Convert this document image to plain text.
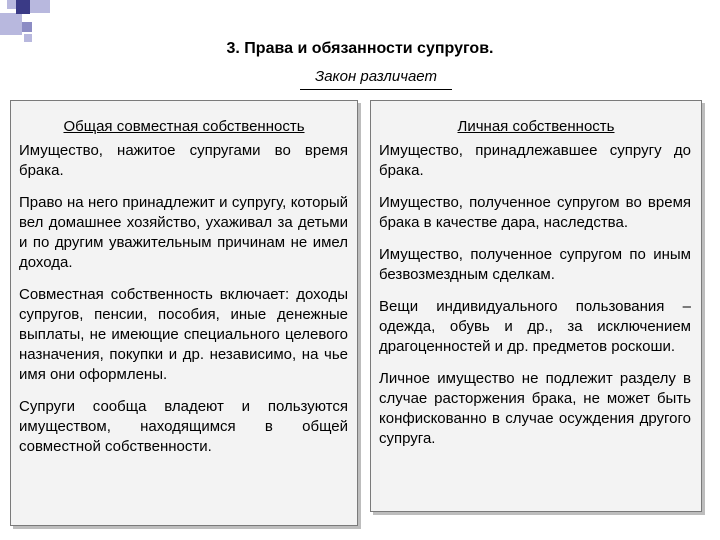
3. Права и обязанности супругов.
Закон различает
Общая совместная собственность
Имущество, нажитое супругами во время брака.
Право на него принадлежит и супругу, который вел домашнее хозяйство, ухаживал за детьми и по другим уважительным причинам не имел дохода.
Совместная собственность включает: доходы супругов, пенсии, пособия, иные денежные выплаты, не имеющие специального целевого назначения, покупки и др. независимо, на чье имя они оформлены.
Супруги сообща владеют и пользуются имуществом, находящимся в общей совместной собственности.
Личная собственность
Имущество, принадлежавшее супругу до брака.
Имущество, полученное супругом во время брака в качестве дара, наследства.
Имущество, полученное супругом по иным безвозмездным сделкам.
Вещи индивидуального пользования – одежда, обувь и др., за исключением драгоценностей и др. предметов роскоши.
Личное имущество не подлежит разделу в случае расторжения брака, не может быть конфискованно в случае осуждения другого супруга.
